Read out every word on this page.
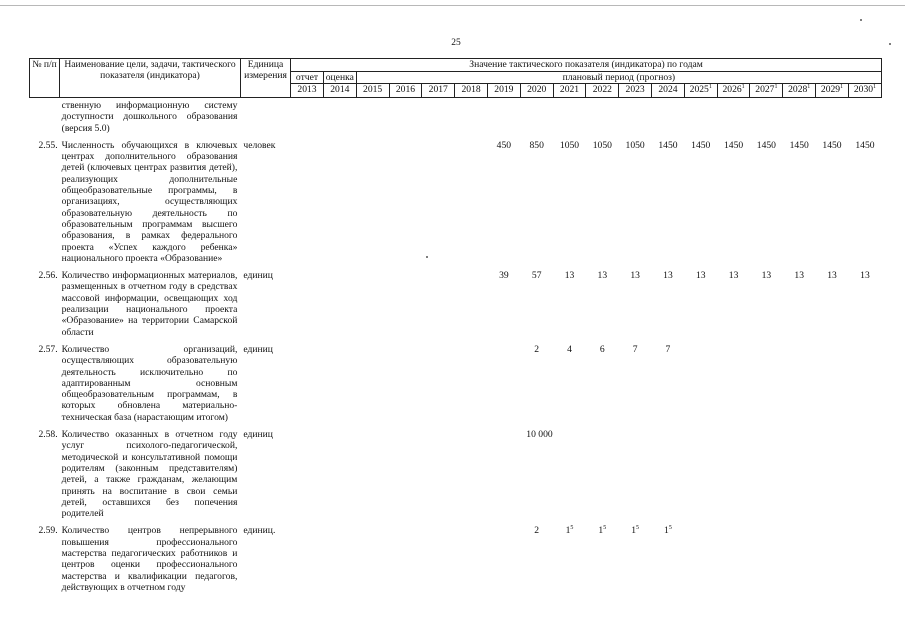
25
№ п/п	Наименование цели, задачи, тактического показателя (индикатора)	Единица измерения	Значение тактического показателя (индикатора) по годам																	
			отчет	оценка	плановый период (прогноз)															
			2013	2014	2015	2016	2017	2018	2019	2020	2021	2022	2023	2024	2025$^1$	2026$^1$	2027$^1$	2028$^1$	2029$^1$	2030$^1$
	ственную информационную систему доступности дошкольного образования (версия 5.0)																			

2.55.	Численность обучающихся в ключевых центрах дополнительного образования детей (ключевых центрах развития детей), реализующих дополнительные общеобразовательные программы, в организациях, осуществляющих образовательную деятельность по образовательным программам высшего образования, в рамках федерального проекта «Успех каждого ребенка» национального проекта «Образование»	человек							450	850	1050	1050	1050	1450	1450	1450	1450	1450	1450	1450

2.56.	Количество информационных материалов, размещенных в отчетном году в средствах массовой информации, освещающих ход реализации национального проекта «Образование» на территории Самарской области	единиц							39	57	13	13	13	13	13	13	13	13	13	13

2.57.	Количество организаций, осуществляющих образовательную деятельность исключительно по адаптированным основным общеобразовательным программам, в которых обновлена материально-техническая база (нарастающим итогом)	единиц								2	4	6	7	7						

2.58.	Количество оказанных в отчетном году услуг психолого-педагогической, методической и консультативной помощи родителям (законным представителям) детей, а также гражданам, желающим принять на воспитание в свои семьи детей, оставшихся без попечения родителей	единиц								10 000										

2.59.	Количество центров непрерывного повышения профессионального мастерства педагогических работников и центров оценки профессионального мастерства и квалификации педагогов, действующих в отчетном году	единиц.								2	$1^5$	$1^5$	$1^5$	$1^5$						
